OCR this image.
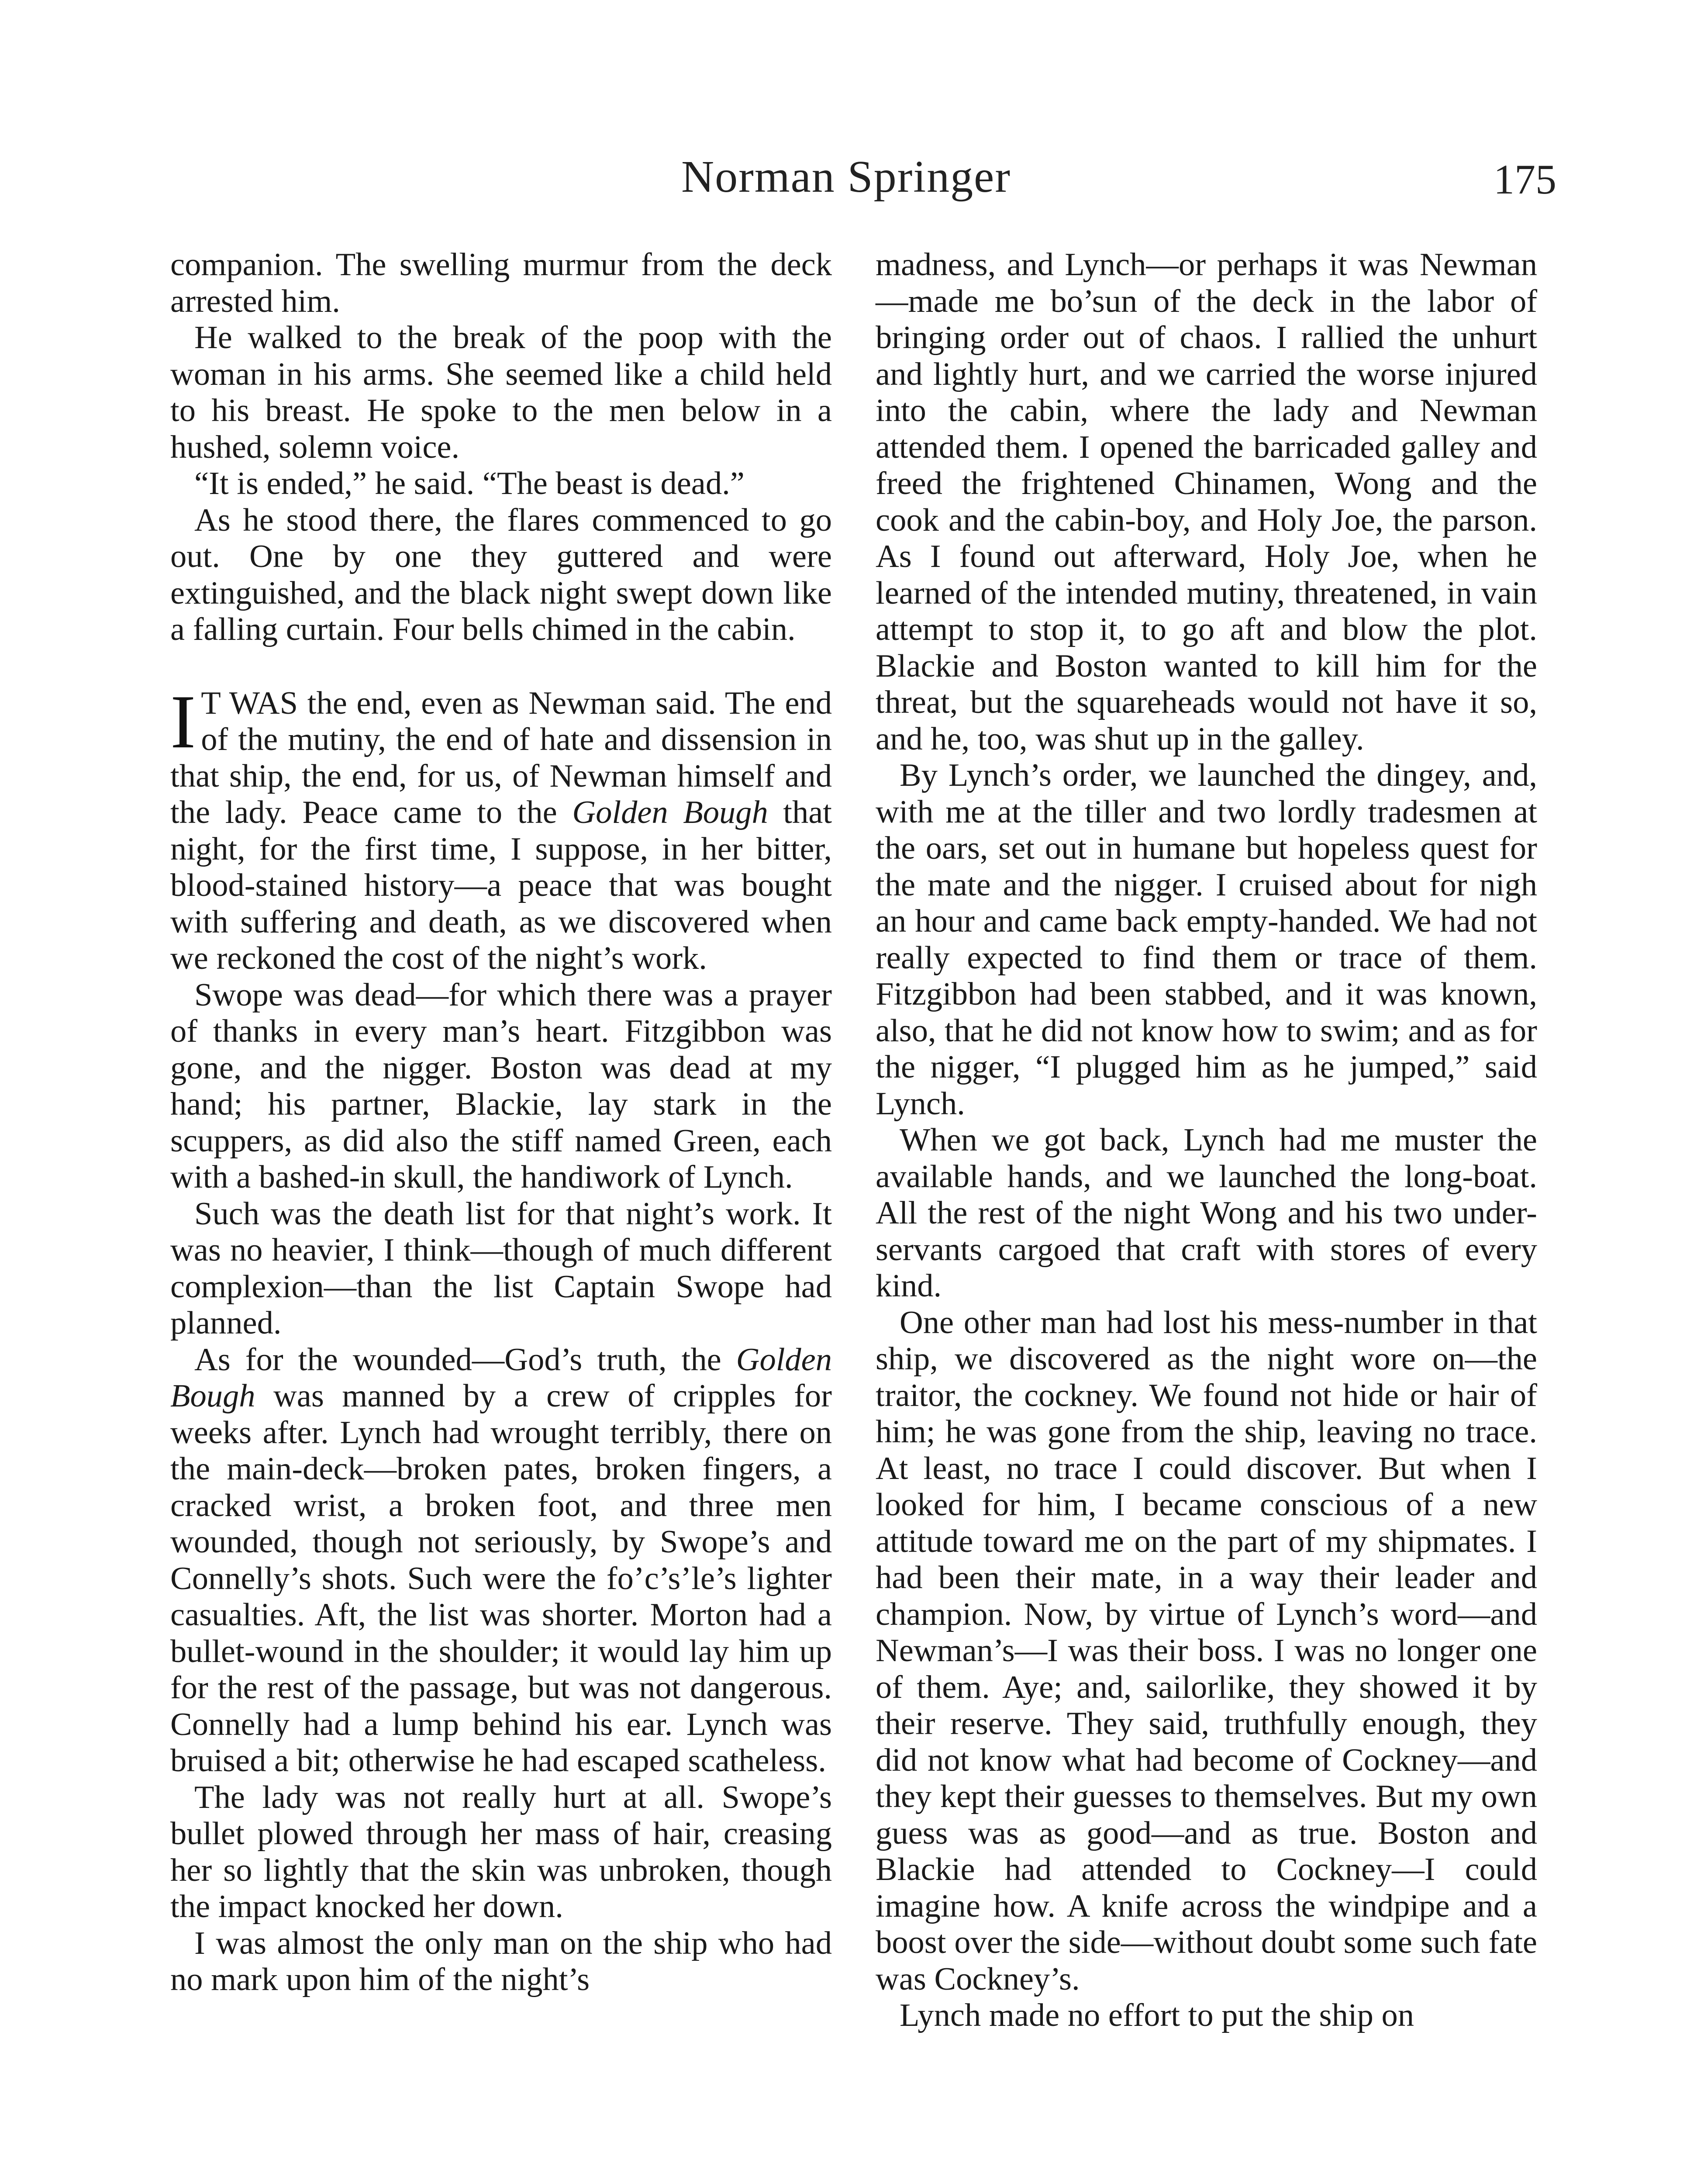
Norman Springer	175

companion. The swelling murmur from the deck arrested him.

He walked to the break of the poop with the woman in his arms. She seemed like a child held to his breast. He spoke to the men below in a hushed, solemn voice.

“It is ended,” he said. “The beast is dead.”

As he stood there, the flares commenced to go out. One by one they guttered and were extinguished, and the black night swept down like a falling curtain. Four bells chimed in the cabin.

I T WAS the end, even as Newman said. The end of the mutiny, the end of hate and dissension in that ship, the end, for us, of Newman himself and the lady. Peace came to the Golden Bough that night, for the first time, I suppose, in her bitter, blood-stained history—a peace that was bought with suffering and death, as we discovered when we reckoned the cost of the night’s work.

Swope was dead—for which there was a prayer of thanks in every man’s heart. Fitzgibbon was gone, and the nigger. Boston was dead at my hand; his partner, Blackie, lay stark in the scuppers, as did also the stiff named Green, each with a bashed-in skull, the handiwork of Lynch.

Such was the death list for that night’s work. It was no heavier, I think—though of much different complexion—than the list Captain Swope had planned.

As for the wounded—God’s truth, the Golden Bough was manned by a crew of cripples for weeks after. Lynch had wrought terribly, there on the main-deck—broken pates, broken fingers, a cracked wrist, a broken foot, and three men wounded, though not seriously, by Swope’s and Connelly’s shots. Such were the fo’c’s’le’s lighter casualties. Aft, the list was shorter. Morton had a bullet-wound in the shoulder; it would lay him up for the rest of the passage, but was not dangerous. Connelly had a lump behind his ear. Lynch was bruised a bit; otherwise he had escaped scatheless.

The lady was not really hurt at all. Swope’s bullet plowed through her mass of hair, creasing her so lightly that the skin was unbroken, though the impact knocked her down.

I was almost the only man on the ship who had no mark upon him of the night’s

madness, and Lynch—or perhaps it was Newman—made me bo’sun of the deck in the labor of bringing order out of chaos. I rallied the unhurt and lightly hurt, and we carried the worse injured into the cabin, where the lady and Newman attended them. I opened the barricaded galley and freed the frightened Chinamen, Wong and the cook and the cabin-boy, and Holy Joe, the parson. As I found out afterward, Holy Joe, when he learned of the intended mutiny, threatened, in vain attempt to stop it, to go aft and blow the plot. Blackie and Boston wanted to kill him for the threat, but the squareheads would not have it so, and he, too, was shut up in the galley.

By Lynch’s order, we launched the dingey, and, with me at the tiller and two lordly tradesmen at the oars, set out in humane but hopeless quest for the mate and the nigger. I cruised about for nigh an hour and came back empty-handed. We had not really expected to find them or trace of them. Fitzgibbon had been stabbed, and it was known, also, that he did not know how to swim; and as for the nigger, “I plugged him as he jumped,” said Lynch.

When we got back, Lynch had me muster the available hands, and we launched the long-boat. All the rest of the night Wong and his two under-servants cargoed that craft with stores of every kind.

One other man had lost his mess-number in that ship, we discovered as the night wore on—the traitor, the cockney. We found not hide or hair of him; he was gone from the ship, leaving no trace. At least, no trace I could discover. But when I looked for him, I became conscious of a new attitude toward me on the part of my shipmates. I had been their mate, in a way their leader and champion. Now, by virtue of Lynch’s word—and Newman’s—I was their boss. I was no longer one of them. Aye; and, sailorlike, they showed it by their reserve. They said, truthfully enough, they did not know what had become of Cockney—and they kept their guesses to themselves. But my own guess was as good—and as true. Boston and Blackie had attended to Cockney—I could imagine how. A knife across the windpipe and a boost over the side—without doubt some such fate was Cockney’s.

Lynch made no effort to put the ship on
